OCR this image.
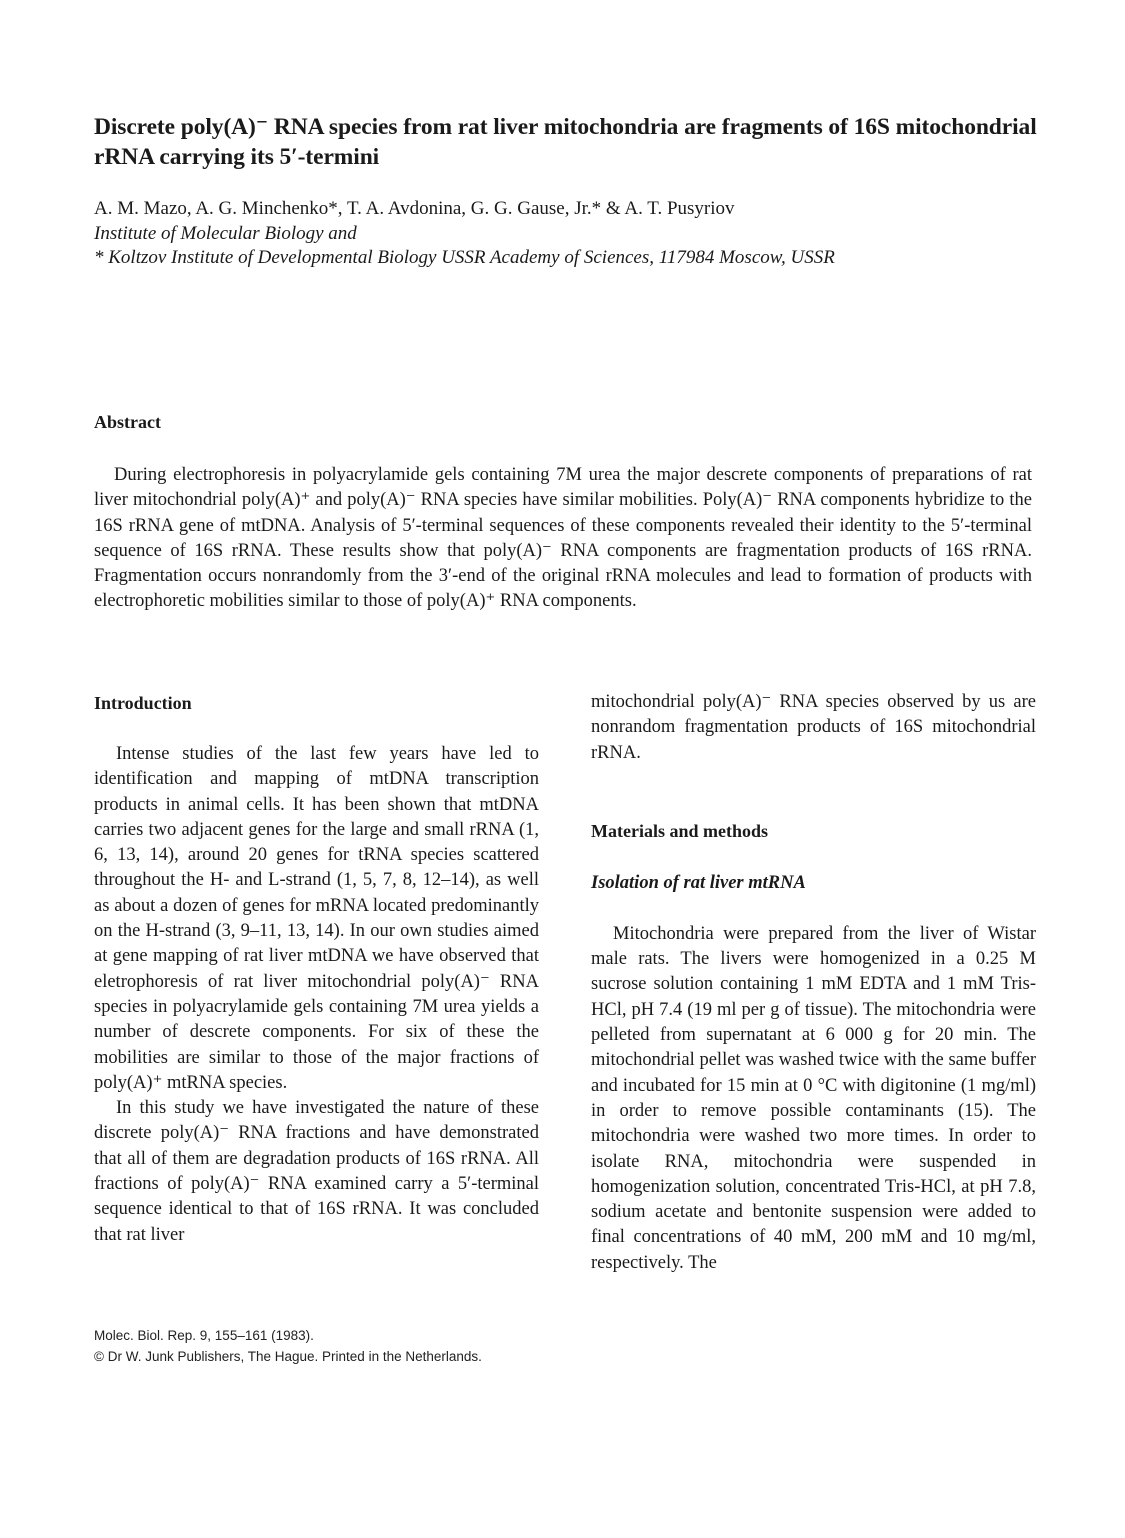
Discrete poly(A)⁻ RNA species from rat liver mitochondria are fragments of 16S mitochondrial rRNA carrying its 5′-termini
A. M. Mazo, A. G. Minchenko*, T. A. Avdonina, G. G. Gause, Jr.* & A. T. Pusyriov
Institute of Molecular Biology and
* Koltzov Institute of Developmental Biology USSR Academy of Sciences, 117984 Moscow, USSR
Abstract

During electrophoresis in polyacrylamide gels containing 7M urea the major descrete components of preparations of rat liver mitochondrial poly(A)⁺ and poly(A)⁻ RNA species have similar mobilities. Poly(A)⁻ RNA components hybridize to the 16S rRNA gene of mtDNA. Analysis of 5′-terminal sequences of these components revealed their identity to the 5′-terminal sequence of 16S rRNA. These results show that poly(A)⁻ RNA components are fragmentation products of 16S rRNA. Fragmentation occurs nonrandomly from the 3′-end of the original rRNA molecules and lead to formation of products with electrophoretic mobilities similar to those of poly(A)⁺ RNA components.

Introduction

Intense studies of the last few years have led to identification and mapping of mtDNA transcription products in animal cells. It has been shown that mtDNA carries two adjacent genes for the large and small rRNA (1, 6, 13, 14), around 20 genes for tRNA species scattered throughout the H- and L-strand (1, 5, 7, 8, 12–14), as well as about a dozen of genes for mRNA located predominantly on the H-strand (3, 9–11, 13, 14). In our own studies aimed at gene mapping of rat liver mtDNA we have observed that eletrophoresis of rat liver mitochondrial poly(A)⁻ RNA species in polyacrylamide gels containing 7M urea yields a number of descrete components. For six of these the mobilities are similar to those of the major fractions of poly(A)⁺ mtRNA species.

In this study we have investigated the nature of these discrete poly(A)⁻ RNA fractions and have demonstrated that all of them are degradation products of 16S rRNA. All fractions of poly(A)⁻ RNA examined carry a 5′-terminal sequence identical to that of 16S rRNA. It was concluded that rat liver

mitochondrial poly(A)⁻ RNA species observed by us are nonrandom fragmentation products of 16S mitochondrial rRNA.

Materials and methods
Isolation of rat liver mtRNA

Mitochondria were prepared from the liver of Wistar male rats. The livers were homogenized in a 0.25 M sucrose solution containing 1 mM EDTA and 1 mM Tris-HCl, pH 7.4 (19 ml per g of tissue). The mitochondria were pelleted from supernatant at 6 000 g for 20 min. The mitochondrial pellet was washed twice with the same buffer and incubated for 15 min at 0 °C with digitonine (1 mg/ml) in order to remove possible contaminants (15). The mitochondria were washed two more times. In order to isolate RNA, mitochondria were suspended in homogenization solution, concentrated Tris-HCl, at pH 7.8, sodium acetate and bentonite suspension were added to final concentrations of 40 mM, 200 mM and 10 mg/ml, respectively. The

Molec. Biol. Rep. 9, 155–161 (1983).
© Dr W. Junk Publishers, The Hague. Printed in the Netherlands.
